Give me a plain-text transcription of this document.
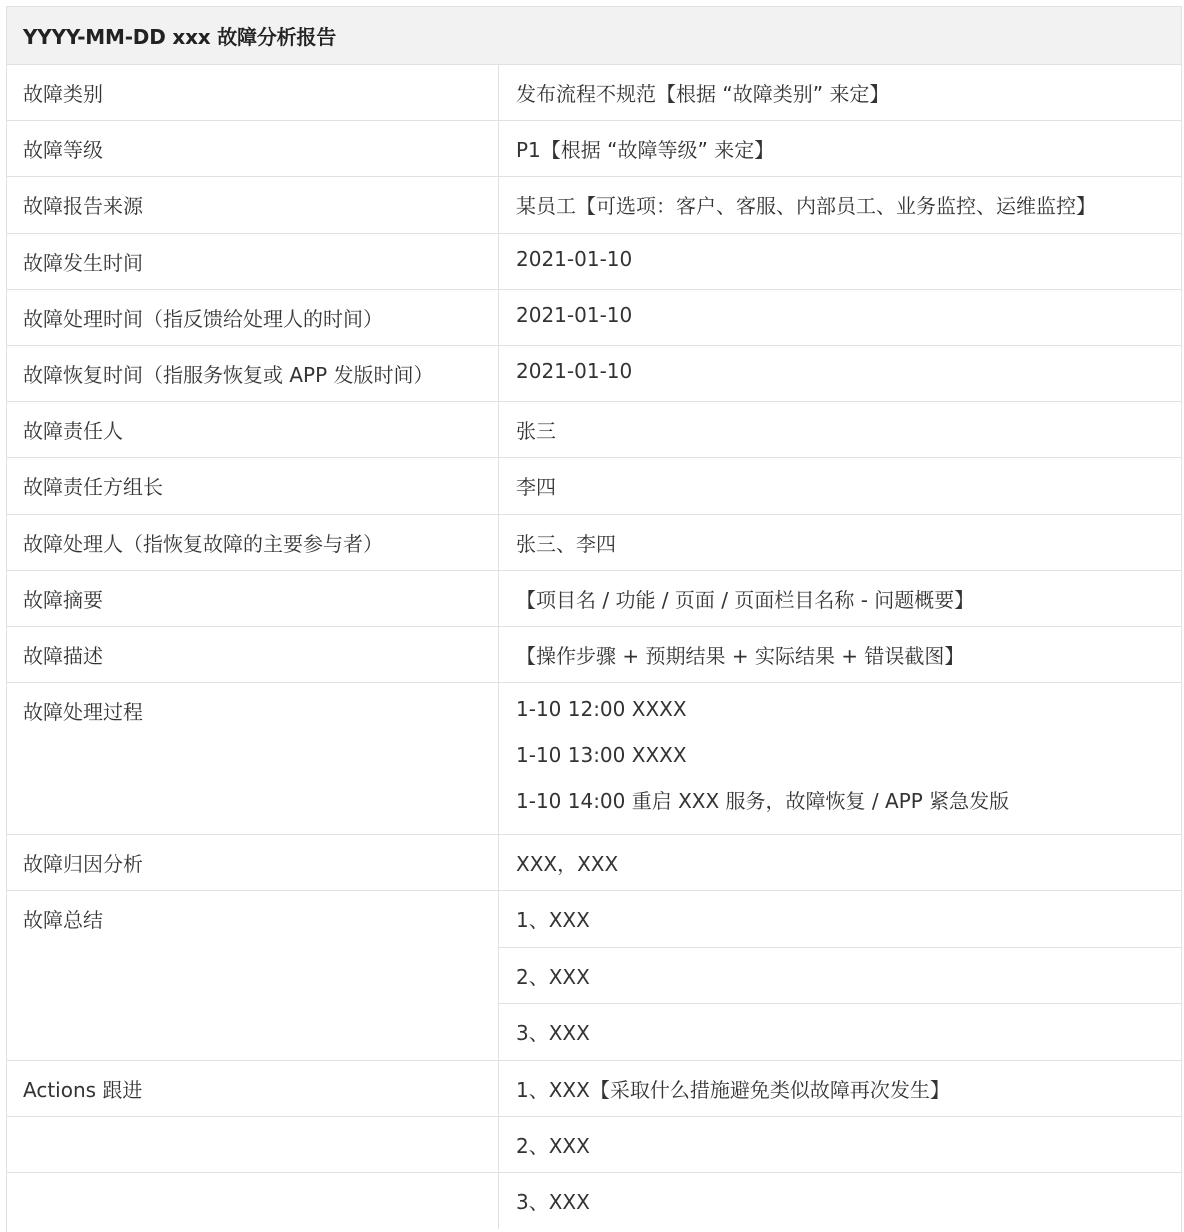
YYYY-MM-DD xxx 故障分析报告
故障类别	发布流程不规范【根据 “故障类别” 来定】
故障等级	P1【根据 “故障等级” 来定】
故障报告来源	某员工【可选项：客户、客服、内部员工、业务监控、运维监控】
故障发生时间	2021-01-10
故障处理时间（指反馈给处理人的时间）	2021-01-10
故障恢复时间（指服务恢复或 APP 发版时间）	2021-01-10
故障责任人	张三
故障责任方组长	李四
故障处理人（指恢复故障的主要参与者）	张三、李四
故障摘要	【项目名 / 功能 / 页面 / 页面栏目名称 - 问题概要】
故障描述	【操作步骤 + 预期结果 + 实际结果 + 错误截图】
故障处理过程	1-10 12:00 XXXX
1-10 13:00 XXXX
1-10 14:00 重启 XXX 服务，故障恢复 / APP 紧急发版
故障归因分析	XXX，XXX
故障总结	1、XXX
2、XXX
3、XXX
Actions 跟进	1、XXX【采取什么措施避免类似故障再次发生】
2、XXX
3、XXX
